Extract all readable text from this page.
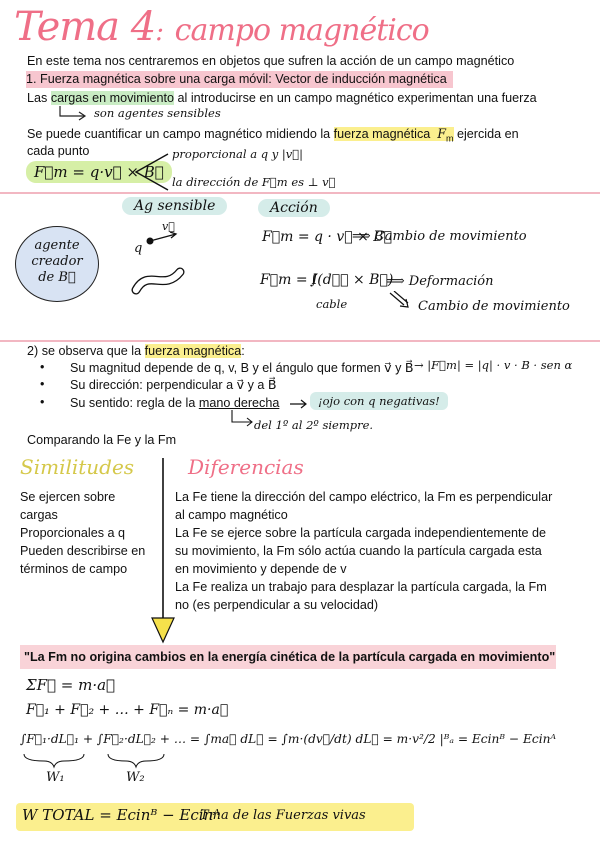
Tema 4: campo magnético
En este tema nos centraremos en objetos que sufren la acción de un campo magnético
1. Fuerza magnética sobre una carga móvil: Vector de inducción magnética
Las cargas en movimiento al introducirse en un campo magnético experimentan una fuerza
son agentes sensibles
Se puede cuantificar un campo magnético midiendo la fuerza magnética $F_m$ ejercida en
cada punto
F⃗m = q·v⃗ × B⃗
proporcional a q y |v⃗|
la dirección de F⃗m es ⊥ v⃗
Ag sensible	Acción
agente
creador
de B⃗
q
v⃗
F⃗m = q · v⃗ × B⃗
⟹ Cambio de movimiento
F⃗m = I
∫(dℓ⃗ × B⃗)
cable
⟹ Deformación
Cambio de movimiento
2) se observa que la fuerza magnética:
• Su magnitud depende de q, v, B y el ángulo que formen v⃗ y B⃗ → |F⃗m| = |q| · v · B · sen α
• Su dirección: perpendicular a v⃗ y a B⃗
• Su sentido: regla de la mano derecha	¡ojo con q negativas!
del 1º al 2º siempre.
Comparando la Fe y la Fm
Similitudes	Diferencias
Se ejercen sobre
cargas
Proporcionales a q
Pueden describirse en
términos de campo
La Fe tiene la dirección del campo eléctrico, la Fm es perpendicular
al campo magnético
La Fe se ejerce sobre la partícula cargada independientemente de
su movimiento, la Fm sólo actúa cuando la partícula cargada esta
en movimiento y depende de v
La Fe realiza un trabajo para desplazar la partícula cargada, la Fm
no (es perpendicular a su velocidad)
"La Fm no origina cambios en la energía cinética de la partícula cargada en movimiento"
ΣF⃗ = m·a⃗
F⃗₁ + F⃗₂ + … + F⃗ₙ = m·a⃗
∫F⃗₁·dL⃗₁ + ∫F⃗₂·dL⃗₂ + … = ∫ma⃗ dL⃗ = ∫m·(dv⃗/dt) dL⃗ = m·v²/2 |ᴮₐ = Ecinᴮ − Ecinᴬ
W₁	W₂
W TOTAL = Ecinᴮ − Ecinᴬ
Tma de las Fuerzas vivas
